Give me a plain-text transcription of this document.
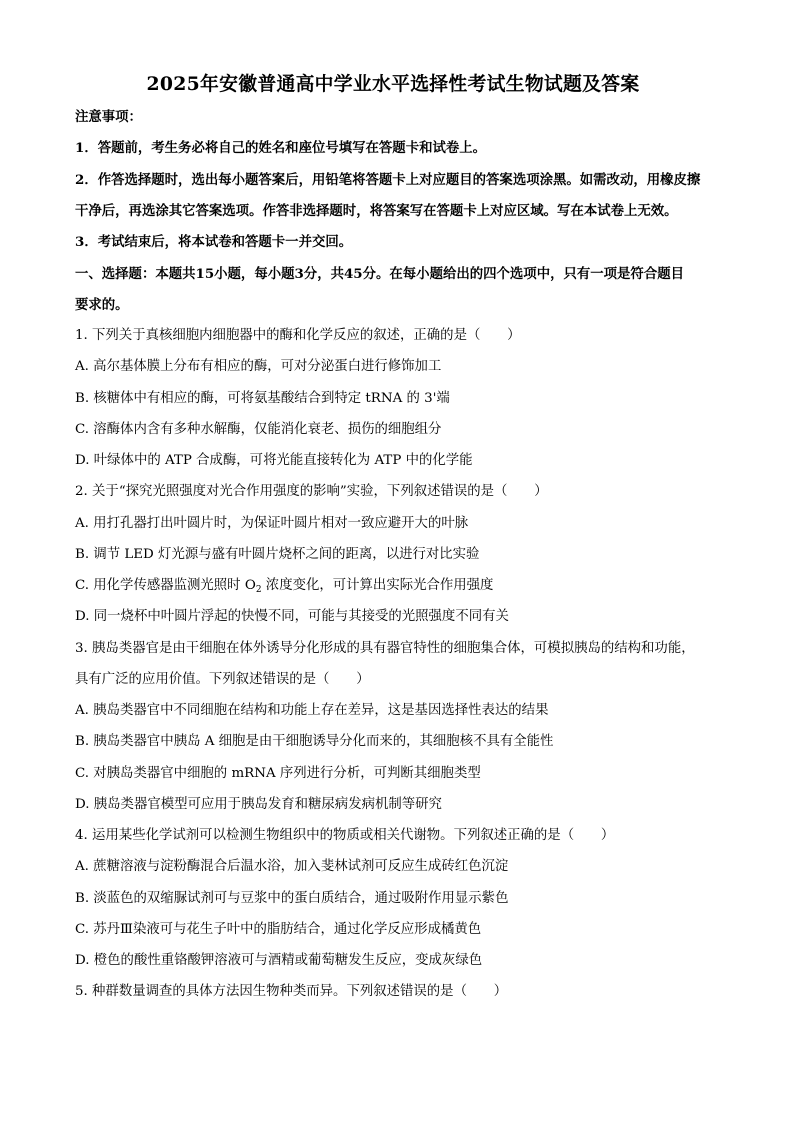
2025年安徽普通高中学业水平选择性考试生物试题及答案
注意事项：
1．答题前，考生务必将自己的姓名和座位号填写在答题卡和试卷上。
2．作答选择题时，选出每小题答案后，用铅笔将答题卡上对应题目的答案选项涂黑。如需改动，用橡皮擦
干净后，再选涂其它答案选项。作答非选择题时，将答案写在答题卡上对应区域。写在本试卷上无效。
3．考试结束后，将本试卷和答题卡一并交回。
一、选择题：本题共15小题，每小题3分，共45分。在每小题给出的四个选项中，只有一项是符合题目
要求的。
1. 下列关于真核细胞内细胞器中的酶和化学反应的叙述，正确的是（　　）
A. 高尔基体膜上分布有相应的酶，可对分泌蛋白进行修饰加工
B. 核糖体中有相应的酶，可将氨基酸结合到特定 tRNA 的 3'端
C. 溶酶体内含有多种水解酶，仅能消化衰老、损伤的细胞组分
D. 叶绿体中的 ATP 合成酶，可将光能直接转化为 ATP 中的化学能
2. 关于“探究光照强度对光合作用强度的影响”实验，下列叙述错误的是（　　）
A. 用打孔器打出叶圆片时，为保证叶圆片相对一致应避开大的叶脉
B. 调节 LED 灯光源与盛有叶圆片烧杯之间的距离，以进行对比实验
C. 用化学传感器监测光照时 $O_2$ 浓度变化，可计算出实际光合作用强度
D. 同一烧杯中叶圆片浮起的快慢不同，可能与其接受的光照强度不同有关
3. 胰岛类器官是由干细胞在体外诱导分化形成的具有器官特性的细胞集合体，可模拟胰岛的结构和功能，
具有广泛的应用价值。下列叙述错误的是（　　）
A. 胰岛类器官中不同细胞在结构和功能上存在差异，这是基因选择性表达的结果
B. 胰岛类器官中胰岛 A 细胞是由干细胞诱导分化而来的，其细胞核不具有全能性
C. 对胰岛类器官中细胞的 mRNA 序列进行分析，可判断其细胞类型
D. 胰岛类器官模型可应用于胰岛发育和糖尿病发病机制等研究
4. 运用某些化学试剂可以检测生物组织中的物质或相关代谢物。下列叙述正确的是（　　）
A. 蔗糖溶液与淀粉酶混合后温水浴，加入斐林试剂可反应生成砖红色沉淀
B. 淡蓝色的双缩脲试剂可与豆浆中的蛋白质结合，通过吸附作用显示紫色
C. 苏丹Ⅲ染液可与花生子叶中的脂肪结合，通过化学反应形成橘黄色
D. 橙色的酸性重铬酸钾溶液可与酒精或葡萄糖发生反应，变成灰绿色
5. 种群数量调查的具体方法因生物种类而异。下列叙述错误的是（　　）
